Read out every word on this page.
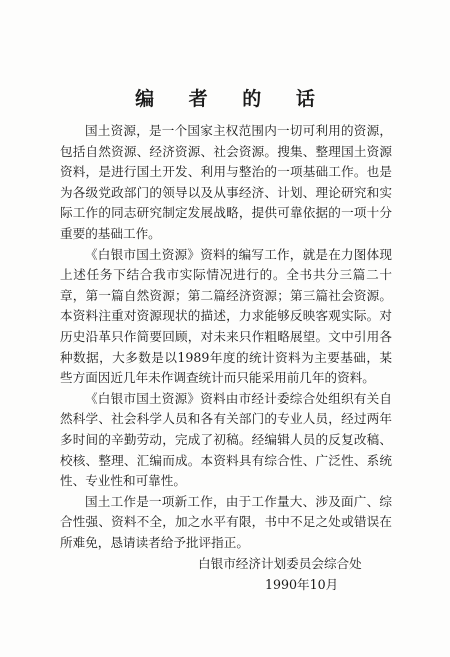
编 者 的 话

国土资源，是一个国家主权范围内一切可利用的资源，包括自然资源、经济资源、社会资源。搜集、整理国土资源资料，是进行国土开发、利用与整治的一项基础工作。也是为各级党政部门的领导以及从事经济、计划、理论研究和实际工作的同志研究制定发展战略，提供可靠依据的一项十分重要的基础工作。

《白银市国土资源》资料的编写工作，就是在力图体现上述任务下结合我市实际情况进行的。全书共分三篇二十章，第一篇自然资源；第二篇经济资源；第三篇社会资源。本资料注重对资源现状的描述，力求能够反映客观实际。对历史沿革只作简要回顾，对未来只作粗略展望。文中引用各种数据，大多数是以1989年度的统计资料为主要基础，某些方面因近几年未作调查统计而只能采用前几年的资料。

《白银市国土资源》资料由市经计委综合处组织有关自然科学、社会科学人员和各有关部门的专业人员，经过两年多时间的辛勤劳动，完成了初稿。经编辑人员的反复改稿、校核、整理、汇编而成。本资料具有综合性、广泛性、系统性、专业性和可靠性。

国土工作是一项新工作，由于工作量大、涉及面广、综合性强、资料不全，加之水平有限，书中不足之处或错误在所难免，恳请读者给予批评指正。

白银市经济计划委员会综合处
1990年10月
